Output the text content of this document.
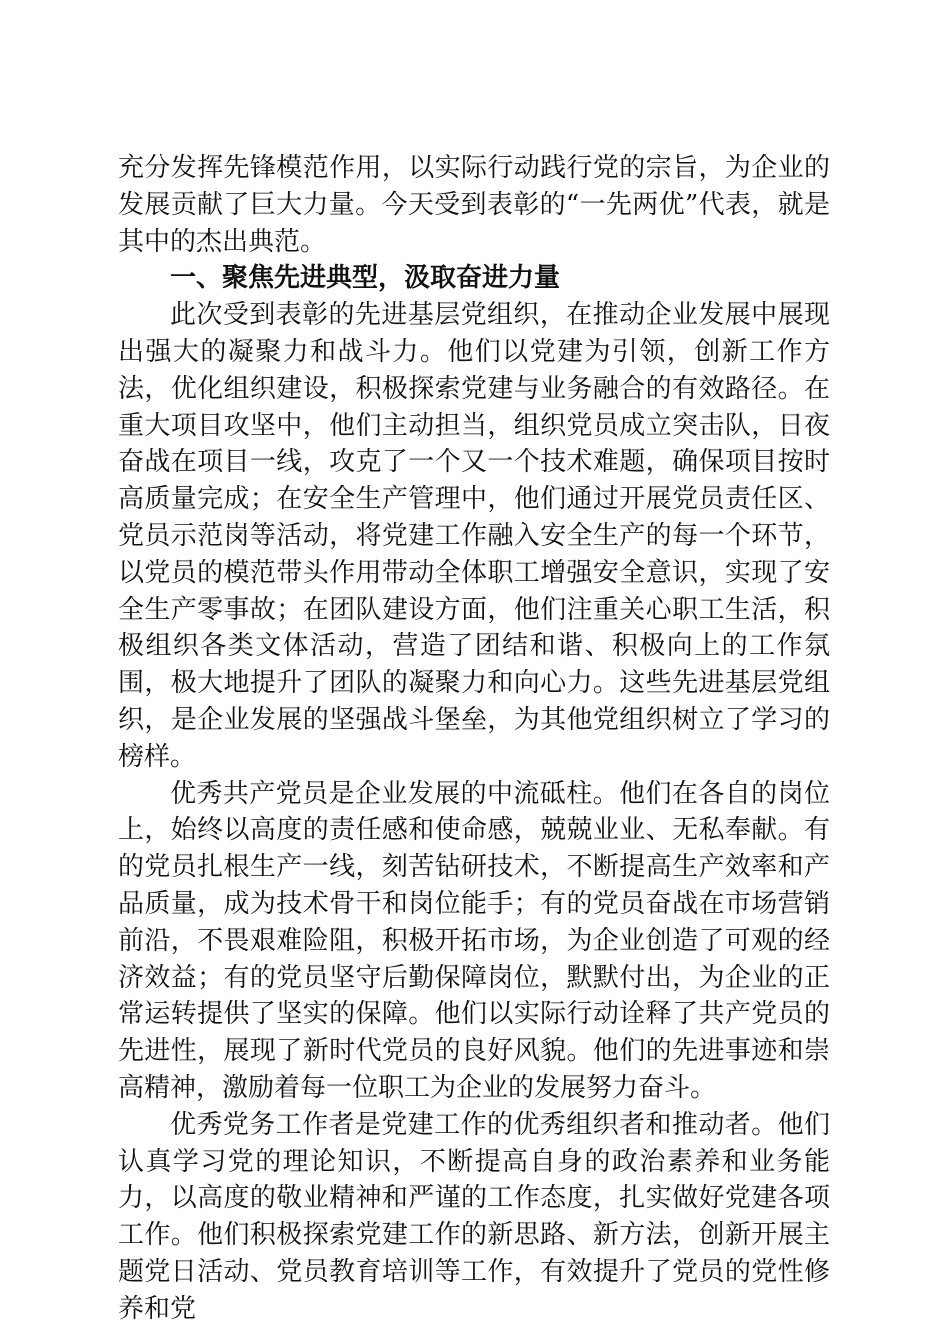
充分发挥先锋模范作用，以实际行动践行党的宗旨，为企业的发展贡献了巨大力量。今天受到表彰的“一先两优”代表，就是其中的杰出典范。

一、聚焦先进典型，汲取奋进力量

此次受到表彰的先进基层党组织，在推动企业发展中展现出强大的凝聚力和战斗力。他们以党建为引领，创新工作方法，优化组织建设，积极探索党建与业务融合的有效路径。在重大项目攻坚中，他们主动担当，组织党员成立突击队，日夜奋战在项目一线，攻克了一个又一个技术难题，确保项目按时高质量完成；在安全生产管理中，他们通过开展党员责任区、党员示范岗等活动，将党建工作融入安全生产的每一个环节，以党员的模范带头作用带动全体职工增强安全意识，实现了安全生产零事故；在团队建设方面，他们注重关心职工生活，积极组织各类文体活动，营造了团结和谐、积极向上的工作氛围，极大地提升了团队的凝聚力和向心力。这些先进基层党组织，是企业发展的坚强战斗堡垒，为其他党组织树立了学习的榜样。

优秀共产党员是企业发展的中流砥柱。他们在各自的岗位上，始终以高度的责任感和使命感，兢兢业业、无私奉献。有的党员扎根生产一线，刻苦钻研技术，不断提高生产效率和产品质量，成为技术骨干和岗位能手；有的党员奋战在市场营销前沿，不畏艰难险阻，积极开拓市场，为企业创造了可观的经济效益；有的党员坚守后勤保障岗位，默默付出，为企业的正常运转提供了坚实的保障。他们以实际行动诠释了共产党员的先进性，展现了新时代党员的良好风貌。他们的先进事迹和崇高精神，激励着每一位职工为企业的发展努力奋斗。

优秀党务工作者是党建工作的优秀组织者和推动者。他们认真学习党的理论知识，不断提高自身的政治素养和业务能力，以高度的敬业精神和严谨的工作态度，扎实做好党建各项工作。他们积极探索党建工作的新思路、新方法，创新开展主题党日活动、党员教育培训等工作，有效提升了党员的党性修养和党
